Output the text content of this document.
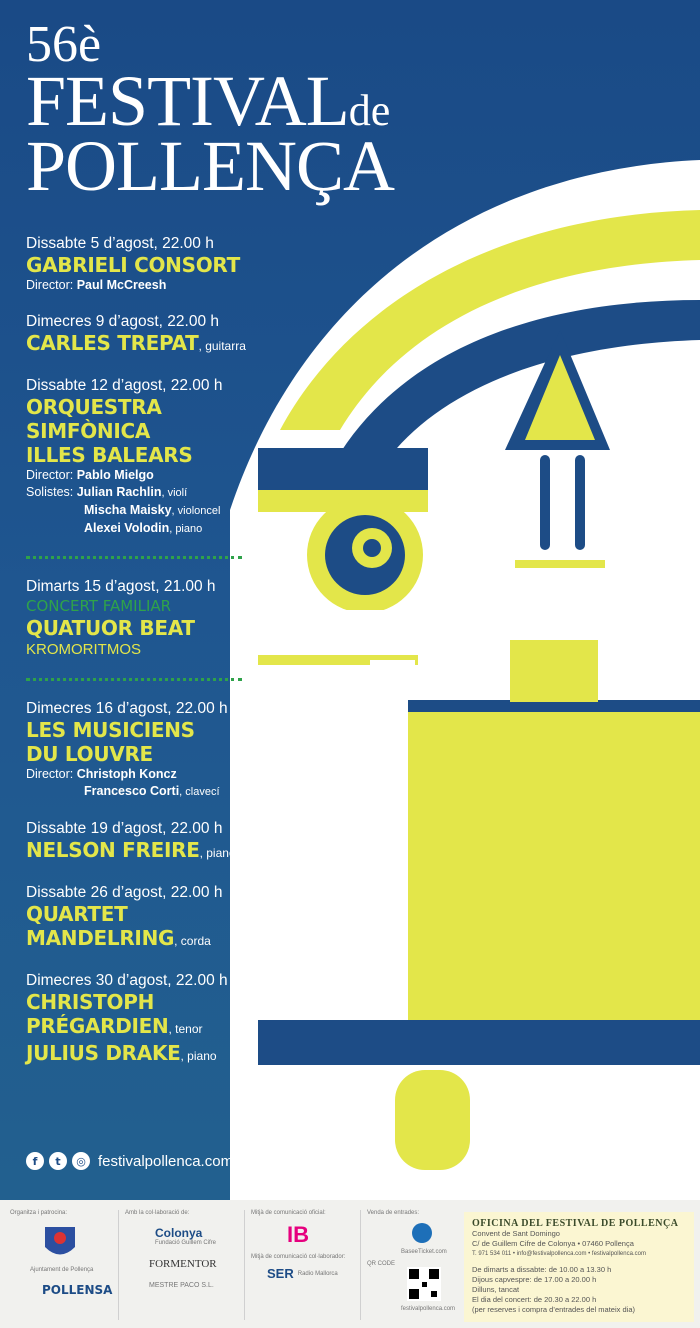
56è
FESTIVALde
POLLENÇA
Dissabte 5 d’agost, 22.00 h
GABRIELI CONSORT
Director: Paul McCreesh
Dimecres 9 d’agost, 22.00 h
CARLES TREPAT, guitarra
Dissabte 12 d’agost, 22.00 h
ORQUESTRA
SIMFÒNICA
ILLES BALEARS
Director: Pablo Mielgo
Solistes: Julian Rachlin, violí
Mischa Maisky, violoncel
Alexei Volodin, piano
Dimarts 15 d’agost, 21.00 h
CONCERT FAMILIAR
QUATUOR BEAT
KROMORITMOS
Dimecres 16 d’agost, 22.00 h
LES MUSICIENS
DU LOUVRE
Director: Christoph Koncz
Francesco Corti, clavecí
Dissabte 19 d’agost, 22.00 h
NELSON FREIRE, piano
Dissabte 26 d’agost, 22.00 h
QUARTET
MANDELRING, corda
Dimecres 30 d’agost, 22.00 h
CHRISTOPH
PRÉGARDIEN, tenor
JULIUS DRAKE, piano
f	t	◎ festivalpollenca.com
Organitza i patrocina:
Ajuntament de Pollença
POLLENSA
Amb la col·laboració de:
Colonya
Fundació Guillem Cifre
FORMENTOR
MESTRE PACO S.L.
Mitjà de comunicació oficial:
IB
Mitjà de comunicació col·laborador:
SER Radio Mallorca
Venda de entrades:
BaseeTicket.com
QR CODE
festivalpollenca.com
OFICINA DEL FESTIVAL DE POLLENÇA
Convent de Sant Domingo
C/ de Guillem Cifre de Colonya • 07460 Pollença
T. 971 534 011 • info@festivalpollenca.com • festivalpollenca.com
De dimarts a dissabte: de 10.00 a 13.30 h
Dijous capvespre: de 17.00 a 20.00 h
Dilluns, tancat
El dia del concert: de 20.30 a 22.00 h
(per reserves i compra d’entrades del mateix dia)
